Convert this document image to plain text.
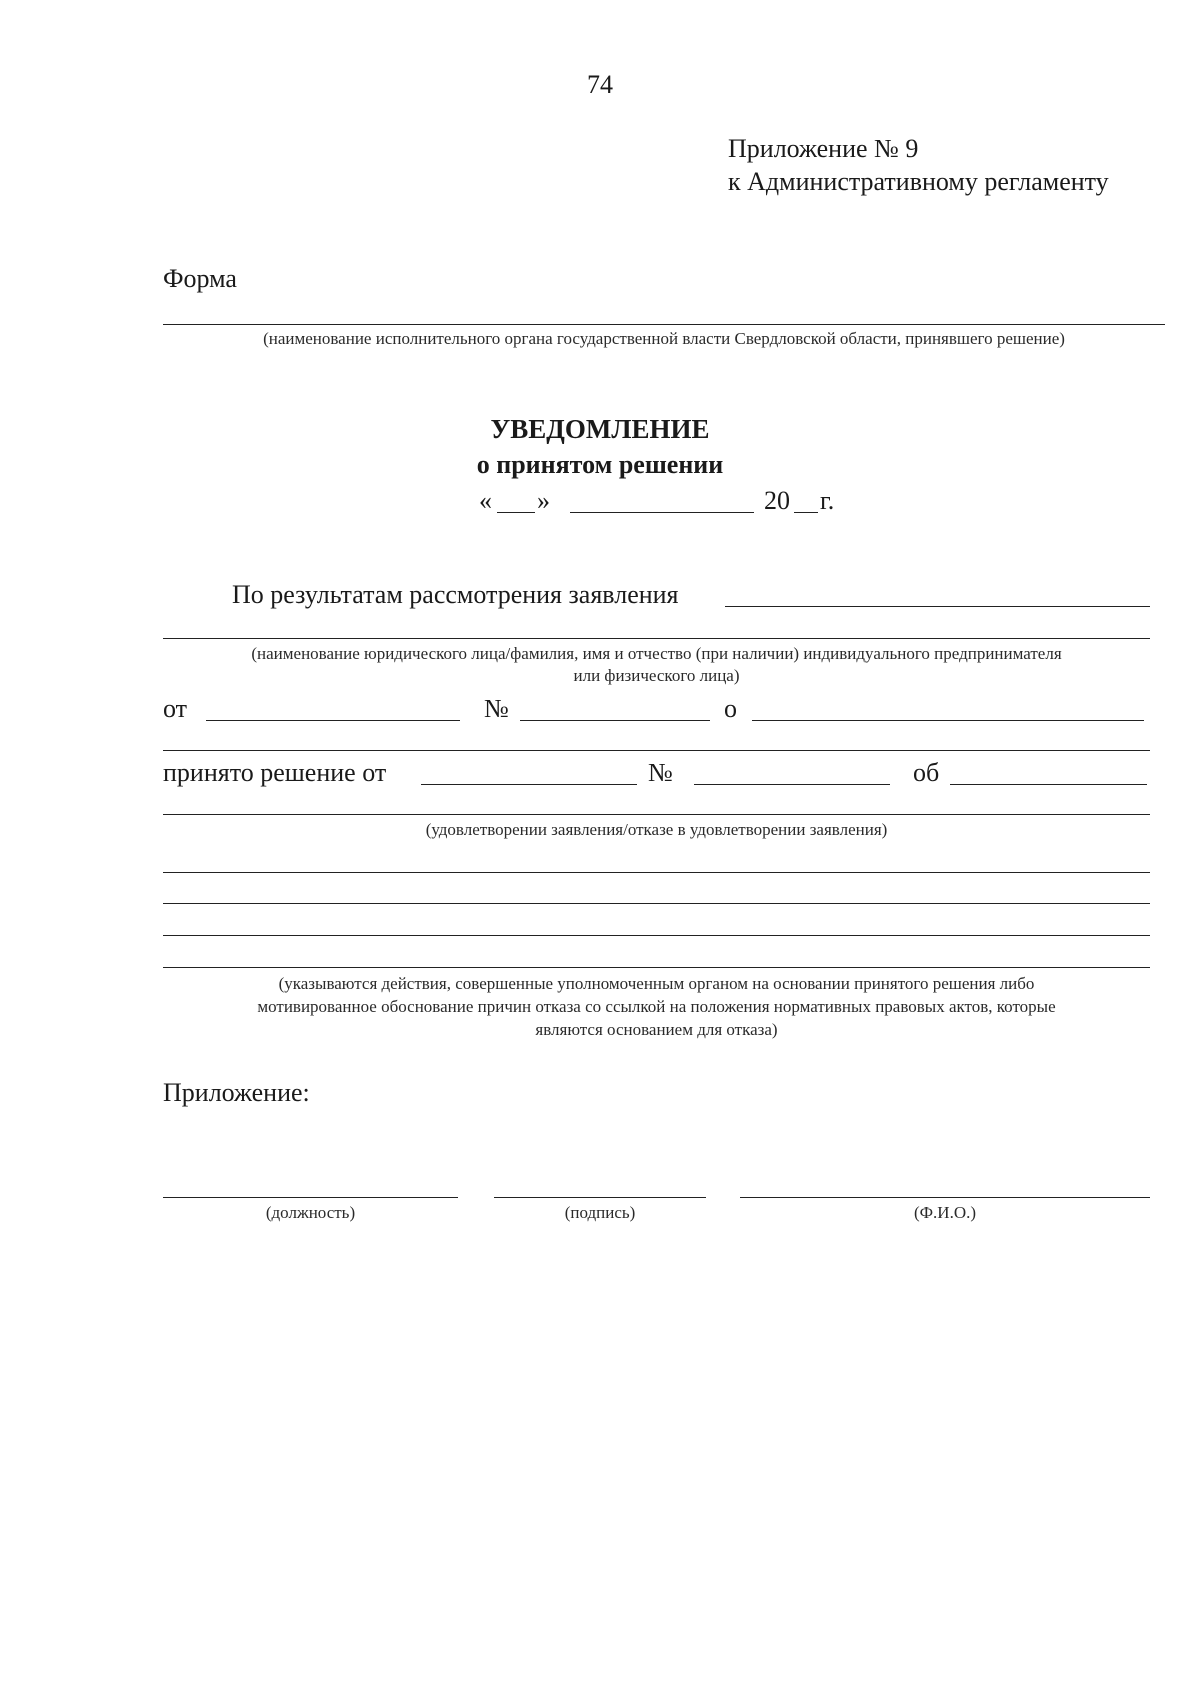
74
Приложение № 9
к Административному регламенту
Форма
(наименование исполнительного органа государственной власти Свердловской области, принявшего решение)
УВЕДОМЛЕНИЕ
о принятом решении
« »	20 г.
По результатам рассмотрения заявления
(наименование юридического лица/фамилия, имя и отчество (при наличии) индивидуального предпринимателя
или физического лица)
от	№	о
принято решение от	№	об
(удовлетворении заявления/отказе в удовлетворении заявления)
(указываются действия, совершенные уполномоченным органом на основании принятого решения либо
мотивированное обоснование причин отказа со ссылкой на положения нормативных правовых актов, которые
являются основанием для отказа)
Приложение:
(должность)	(подпись)	(Ф.И.О.)
